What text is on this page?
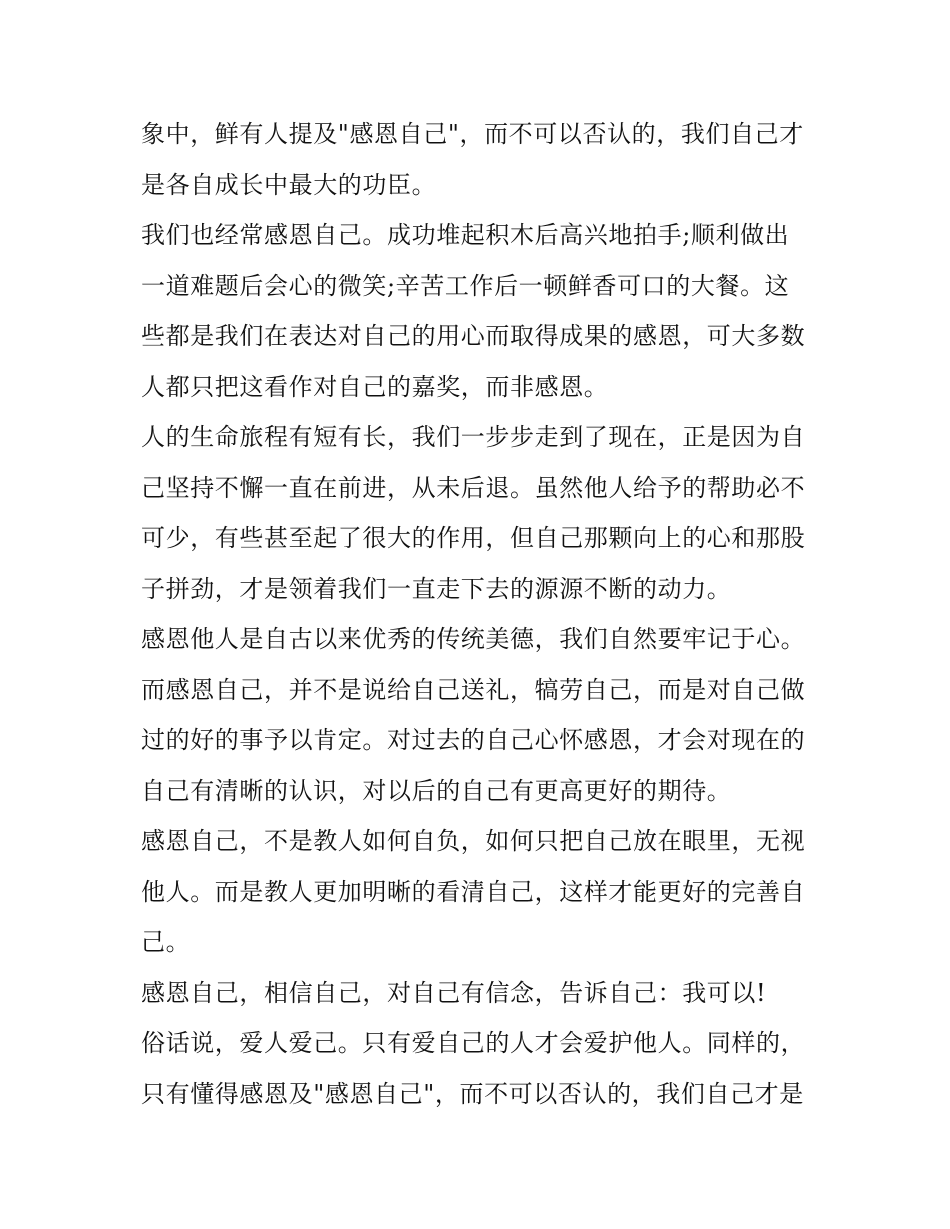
象中，鲜有人提及"感恩自己"，而不可以否认的，我们自己才
是各自成长中最大的功臣。
我们也经常感恩自己。成功堆起积木后高兴地拍手;顺利做出
一道难题后会心的微笑;辛苦工作后一顿鲜香可口的大餐。这
些都是我们在表达对自己的用心而取得成果的感恩，可大多数
人都只把这看作对自己的嘉奖，而非感恩。
人的生命旅程有短有长，我们一步步走到了现在，正是因为自
己坚持不懈一直在前进，从未后退。虽然他人给予的帮助必不
可少，有些甚至起了很大的作用，但自己那颗向上的心和那股
子拼劲，才是领着我们一直走下去的源源不断的动力。
感恩他人是自古以来优秀的传统美德，我们自然要牢记于心。
而感恩自己，并不是说给自己送礼，犒劳自己，而是对自己做
过的好的事予以肯定。对过去的自己心怀感恩，才会对现在的
自己有清晰的认识，对以后的自己有更高更好的期待。
感恩自己，不是教人如何自负，如何只把自己放在眼里，无视
他人。而是教人更加明晰的看清自己，这样才能更好的完善自
己。
感恩自己，相信自己，对自己有信念，告诉自己：我可以!
俗话说，爱人爱己。只有爱自己的人才会爱护他人。同样的，
只有懂得感恩及"感恩自己"，而不可以否认的，我们自己才是
